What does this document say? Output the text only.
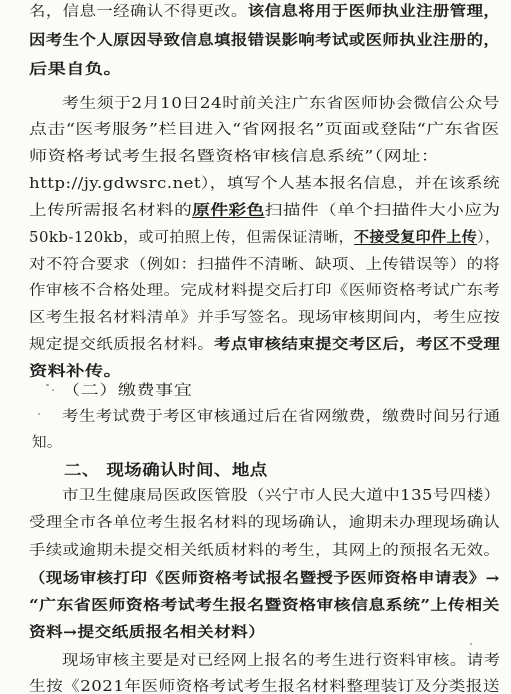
名，信息一经确认不得更改。该信息将用于医师执业注册管理，
因考生个人原因导致信息填报错误影响考试或医师执业注册的，
后果自负。
考生须于2月10日24时前关注广东省医师协会微信公众号
点击“医考服务”栏目进入“省网报名”页面或登陆“广东省医
师资格考试考生报名暨资格审核信息系统”（网址：
http://jy.gdwsrc.net），填写个人基本报名信息，并在该系统
上传所需报名材料的原件彩色扫描件（单个扫描件大小应为
50kb-120kb，或可拍照上传，但需保证清晰，不接受复印件上传），
对不符合要求（例如：扫描件不清晰、缺项、上传错误等）的将
作审核不合格处理。完成材料提交后打印《医师资格考试广东考
区考生报名材料清单》并手写签名。现场审核期间内，考生应按
规定提交纸质报名材料。考点审核结束提交考区后，考区不受理
资料补传。
（二）缴费事宜
考生考试费于考区审核通过后在省网缴费，缴费时间另行通
知。
二、 现场确认时间、地点
市卫生健康局医政医管股（兴宁市人民大道中135号四楼）
受理全市各单位考生报名材料的现场确认，逾期未办理现场确认
手续或逾期未提交相关纸质材料的考生，其网上的预报名无效。
（现场审核打印《医师资格考试报名暨授予医师资格申请表》→
“广东省医师资格考试考生报名暨资格审核信息系统”上传相关
资料→提交纸质报名相关材料）
现场审核主要是对已经网上报名的考生进行资料审核。请考
生按《2021年医师资格考试考生报名材料整理装订及分类报送
